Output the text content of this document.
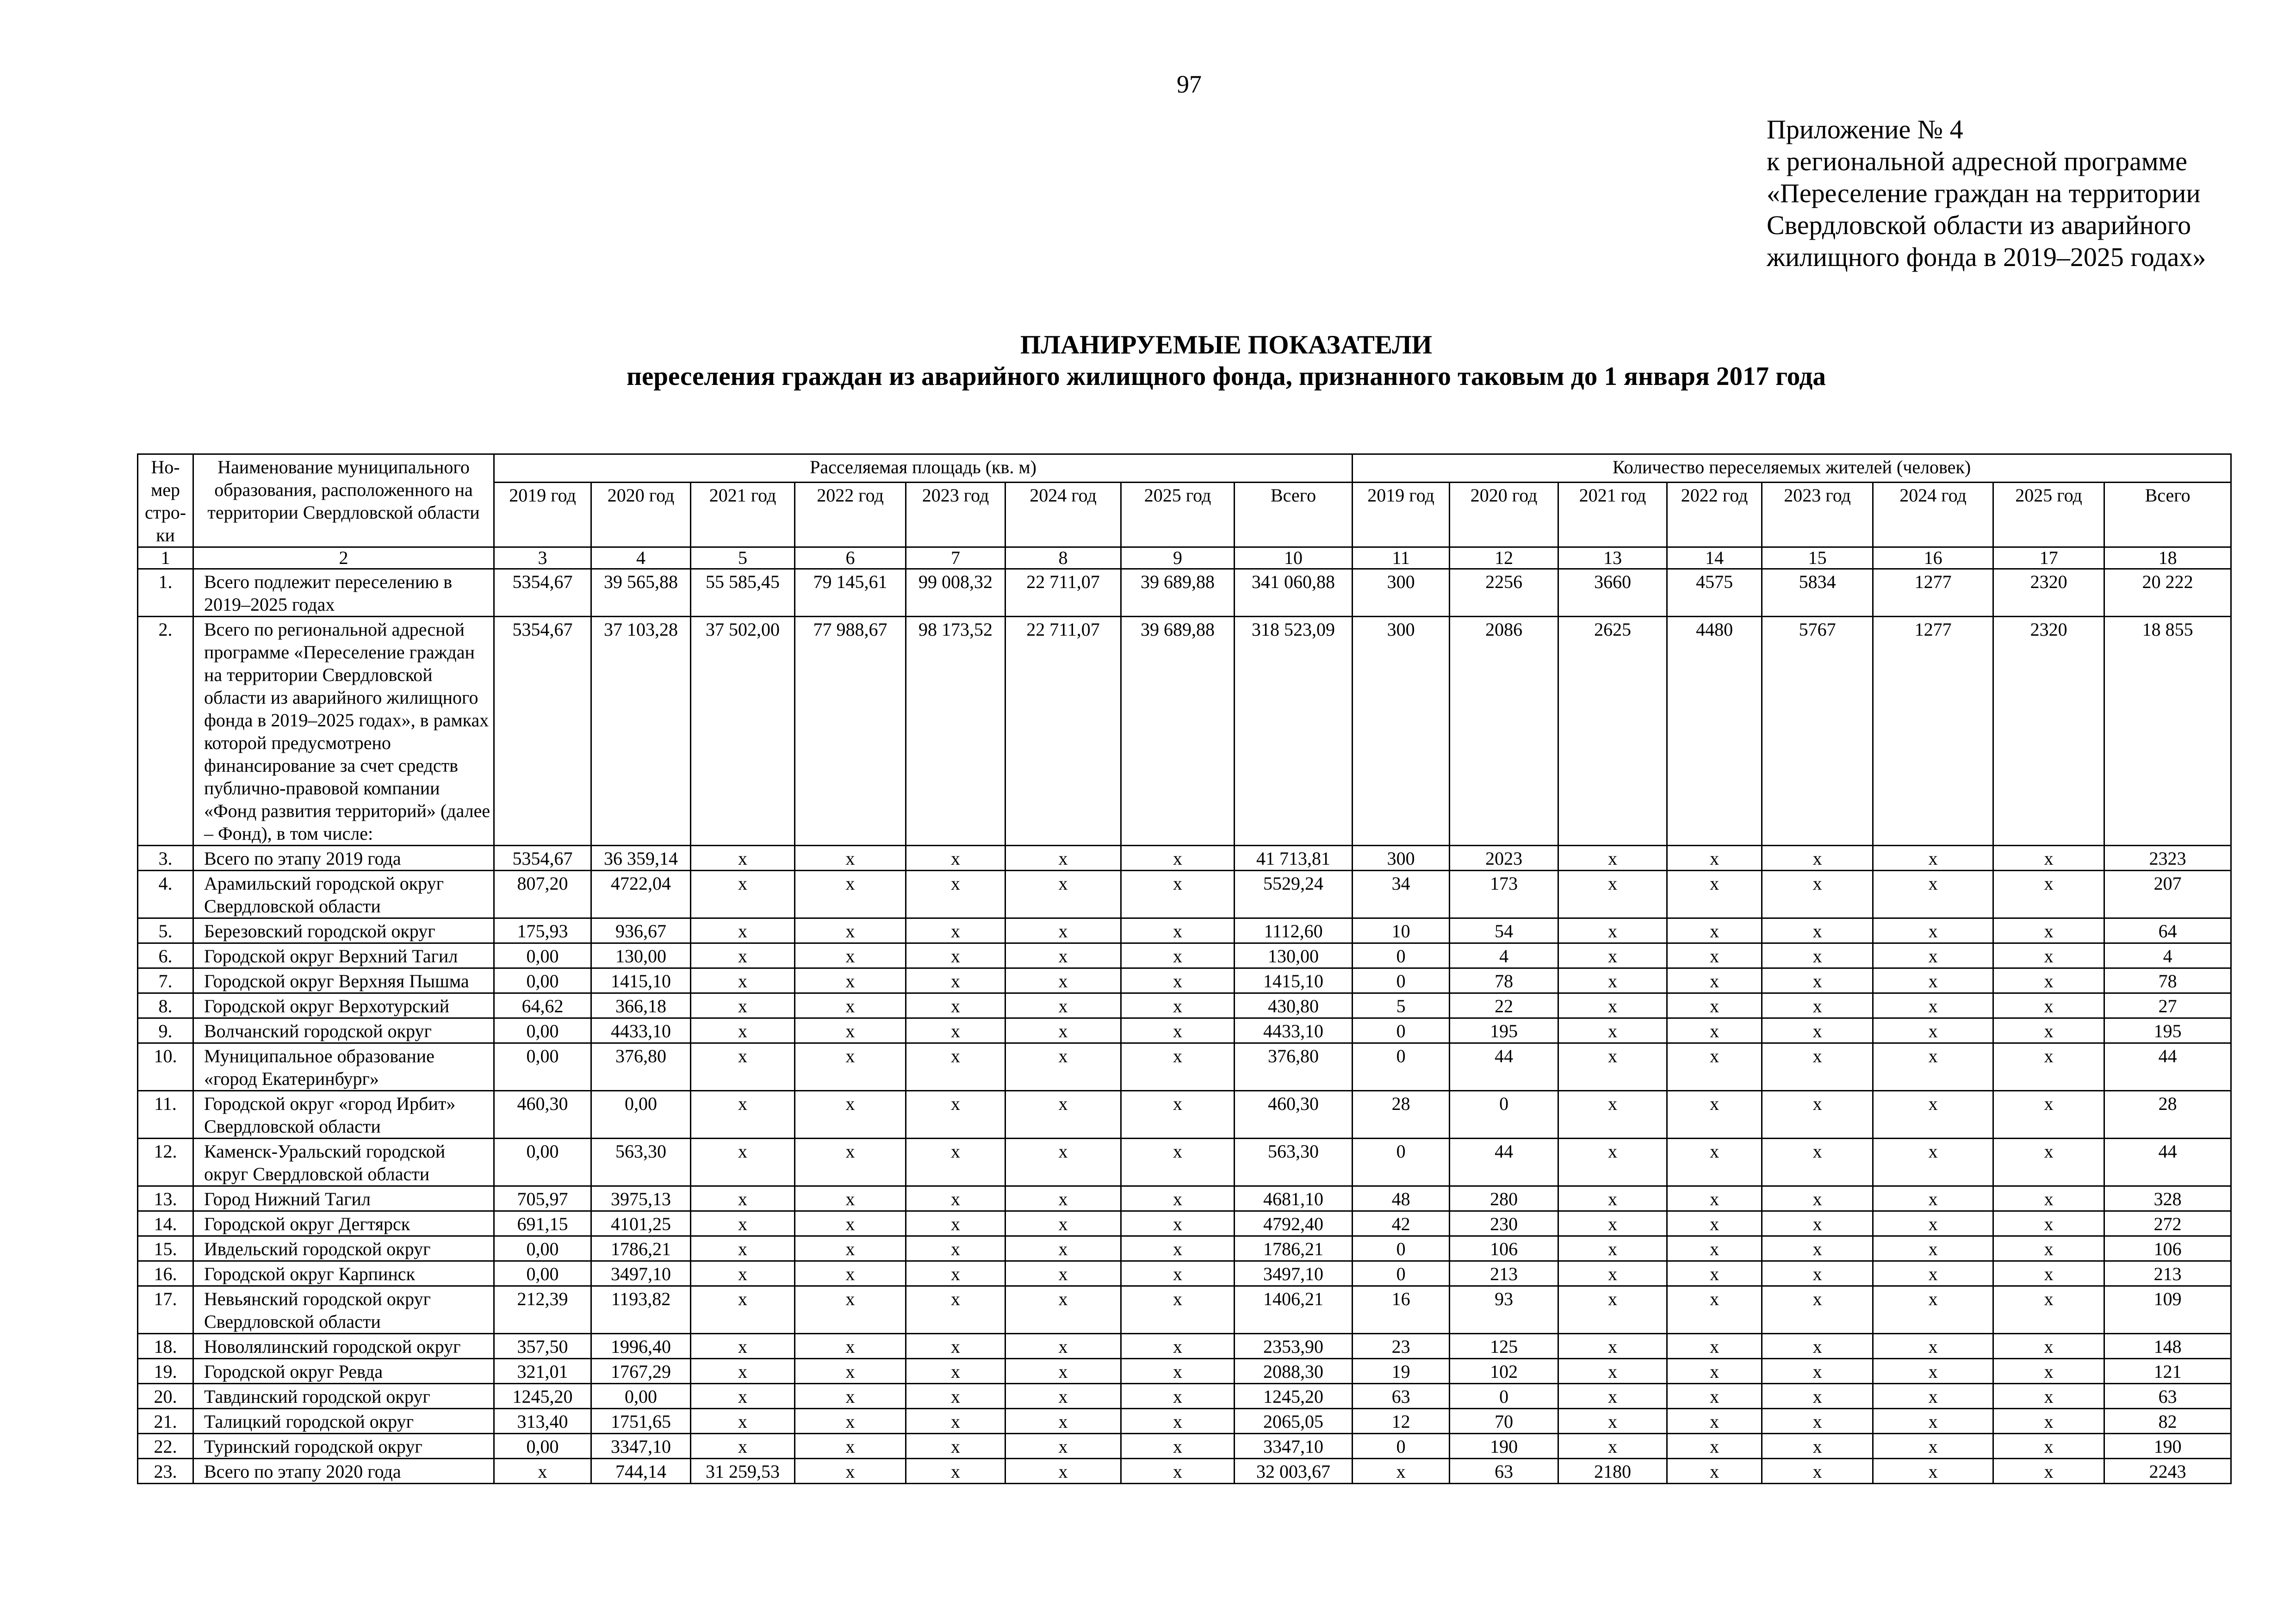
97
Приложение № 4
к региональной адресной программе
«Переселение граждан на территории
Свердловской области из аварийного
жилищного фонда в 2019–2025 годах»
ПЛАНИРУЕМЫЕ ПОКАЗАТЕЛИ
переселения граждан из аварийного жилищного фонда, признанного таковым до 1 января 2017 года
Но-мер стро-ки	Наименование муниципального образования, расположенного на территории Свердловской области	Расселяемая площадь (кв. м)								Количество переселяемых жителей (человек)							
		2019 год	2020 год	2021 год	2022 год	2023 год	2024 год	2025 год	Всего	2019 год	2020 год	2021 год	2022 год	2023 год	2024 год	2025 год	Всего
1	2	3	4	5	6	7	8	9	10	11	12	13	14	15	16	17	18
1.	Всего подлежит переселению в 2019–2025 годах	5354,67	39 565,88	55 585,45	79 145,61	99 008,32	22 711,07	39 689,88	341 060,88	300	2256	3660	4575	5834	1277	2320	20 222
2.	Всего по региональной адресной программе «Переселение граждан на территории Свердловской области из аварийного жилищного фонда в 2019–2025 годах», в рамках которой предусмотрено финансирование за счет средств публично-правовой компании «Фонд развития территорий» (далее – Фонд), в том числе:	5354,67	37 103,28	37 502,00	77 988,67	98 173,52	22 711,07	39 689,88	318 523,09	300	2086	2625	4480	5767	1277	2320	18 855
3.	Всего по этапу 2019 года	5354,67	36 359,14	х	х	х	х	х	41 713,81	300	2023	х	х	х	х	х	2323
4.	Арамильский городской округ Свердловской области	807,20	4722,04	х	х	х	х	х	5529,24	34	173	х	х	х	х	х	207
5.	Березовский городской округ	175,93	936,67	х	х	х	х	х	1112,60	10	54	х	х	х	х	х	64
6.	Городской округ Верхний Тагил	0,00	130,00	х	х	х	х	х	130,00	0	4	х	х	х	х	х	4
7.	Городской округ Верхняя Пышма	0,00	1415,10	х	х	х	х	х	1415,10	0	78	х	х	х	х	х	78
8.	Городской округ Верхотурский	64,62	366,18	х	х	х	х	х	430,80	5	22	х	х	х	х	х	27
9.	Волчанский городской округ	0,00	4433,10	х	х	х	х	х	4433,10	0	195	х	х	х	х	х	195
10.	Муниципальное образование «город Екатеринбург»	0,00	376,80	х	х	х	х	х	376,80	0	44	х	х	х	х	х	44
11.	Городской округ «город Ирбит» Свердловской области	460,30	0,00	х	х	х	х	х	460,30	28	0	х	х	х	х	х	28
12.	Каменск-Уральский городской округ Свердловской области	0,00	563,30	х	х	х	х	х	563,30	0	44	х	х	х	х	х	44
13.	Город Нижний Тагил	705,97	3975,13	х	х	х	х	х	4681,10	48	280	х	х	х	х	х	328
14.	Городской округ Дегтярск	691,15	4101,25	х	х	х	х	х	4792,40	42	230	х	х	х	х	х	272
15.	Ивдельский городской округ	0,00	1786,21	х	х	х	х	х	1786,21	0	106	х	х	х	х	х	106
16.	Городской округ Карпинск	0,00	3497,10	х	х	х	х	х	3497,10	0	213	х	х	х	х	х	213
17.	Невьянский городской округ Свердловской области	212,39	1193,82	х	х	х	х	х	1406,21	16	93	х	х	х	х	х	109
18.	Новолялинский городской округ	357,50	1996,40	х	х	х	х	х	2353,90	23	125	х	х	х	х	х	148
19.	Городской округ Ревда	321,01	1767,29	х	х	х	х	х	2088,30	19	102	х	х	х	х	х	121
20.	Тавдинский городской округ	1245,20	0,00	х	х	х	х	х	1245,20	63	0	х	х	х	х	х	63
21.	Талицкий городской округ	313,40	1751,65	х	х	х	х	х	2065,05	12	70	х	х	х	х	х	82
22.	Туринский городской округ	0,00	3347,10	х	х	х	х	х	3347,10	0	190	х	х	х	х	х	190
23.	Всего по этапу 2020 года	х	744,14	31 259,53	х	х	х	х	32 003,67	х	63	2180	х	х	х	х	2243
